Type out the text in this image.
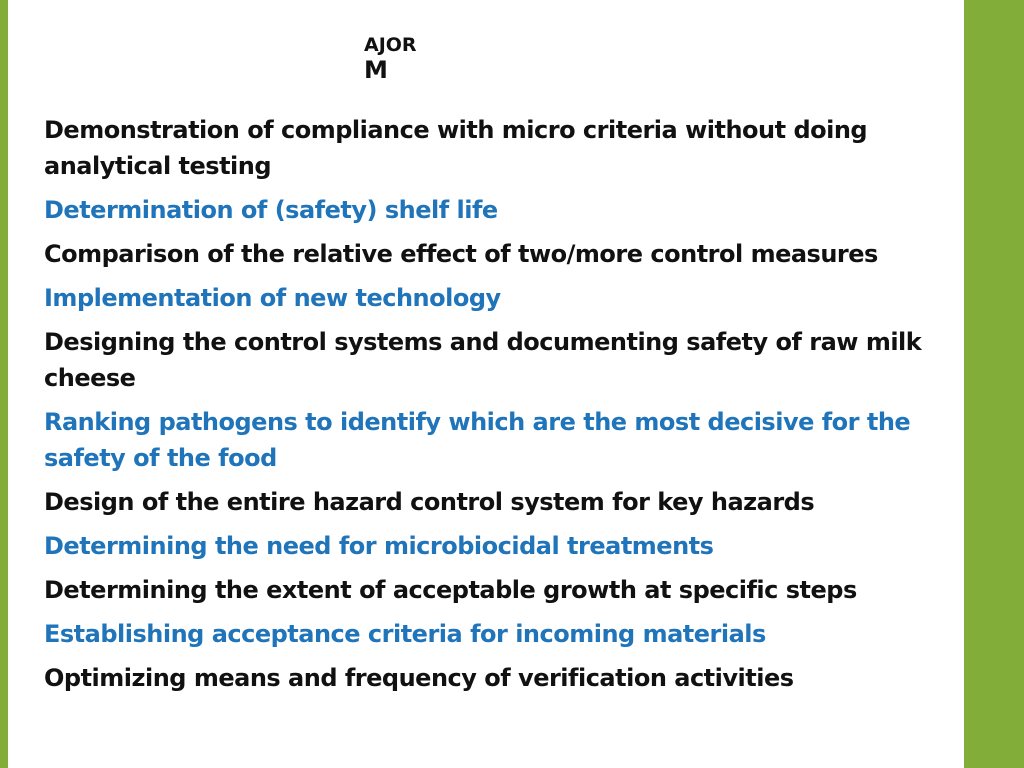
AJOR
M
Demonstration of compliance with micro criteria without doing analytical testing
Determination of (safety) shelf life
Comparison of the relative effect of two/more control measures
Implementation of new technology
Designing the control systems and documenting safety of raw milk cheese
Ranking pathogens to identify which are the most decisive for the safety of the food
Design of the entire hazard control system for key hazards
Determining the need for microbiocidal treatments
Determining the extent of acceptable growth at specific steps
Establishing acceptance criteria for incoming materials
Optimizing means and frequency of verification activities
